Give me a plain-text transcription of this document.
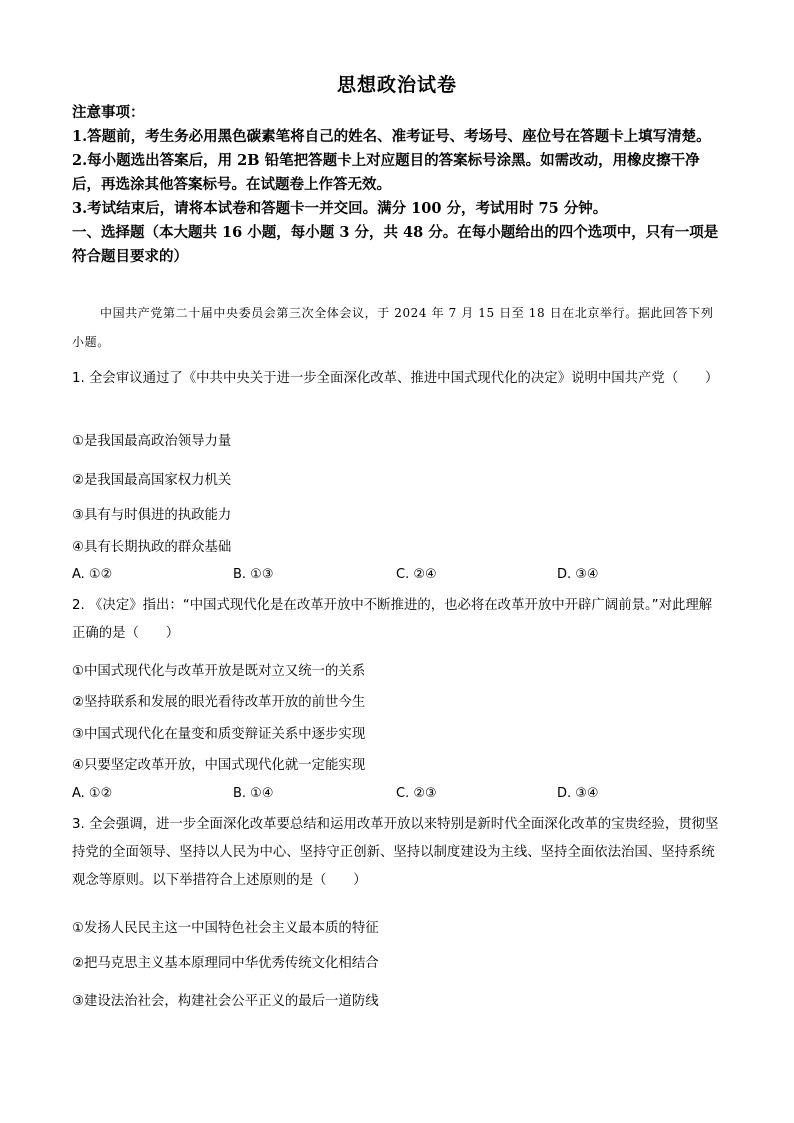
思想政治试卷

注意事项：

1.答题前，考生务必用黑色碳素笔将自己的姓名、准考证号、考场号、座位号在答题卡上填写清楚。

2.每小题选出答案后，用 2B 铅笔把答题卡上对应题目的答案标号涂黑。如需改动，用橡皮擦干净后，再选涂其他答案标号。在试题卷上作答无效。

3.考试结束后，请将本试卷和答题卡一并交回。满分 100 分，考试用时 75 分钟。

一、选择题（本大题共 16 小题，每小题 3 分，共 48 分。在每小题给出的四个选项中，只有一项是符合题目要求的）

中国共产党第二十届中央委员会第三次全体会议，于 2024 年 7 月 15 日至 18 日在北京举行。据此回答下列小题。

1. 全会审议通过了《中共中央关于进一步全面深化改革、推进中国式现代化的决定》说明中国共产党（　　）

①是我国最高政治领导力量

②是我国最高国家权力机关

③具有与时俱进的执政能力

④具有长期执政的群众基础

A. ①②	B. ①③	C. ②④	D. ③④

2. 《决定》指出：“中国式现代化是在改革开放中不断推进的，也必将在改革开放中开辟广阔前景。”对此理解正确的是（　　）

①中国式现代化与改革开放是既对立又统一的关系

②坚持联系和发展的眼光看待改革开放的前世今生

③中国式现代化在量变和质变辩证关系中逐步实现

④只要坚定改革开放，中国式现代化就一定能实现

A. ①②	B. ①④	C. ②③	D. ③④

3. 全会强调，进一步全面深化改革要总结和运用改革开放以来特别是新时代全面深化改革的宝贵经验，贯彻坚持党的全面领导、坚持以人民为中心、坚持守正创新、坚持以制度建设为主线、坚持全面依法治国、坚持系统观念等原则。以下举措符合上述原则的是（　　）

①发扬人民民主这一中国特色社会主义最本质的特征

②把马克思主义基本原理同中华优秀传统文化相结合

③建设法治社会，构建社会公平正义的最后一道防线
